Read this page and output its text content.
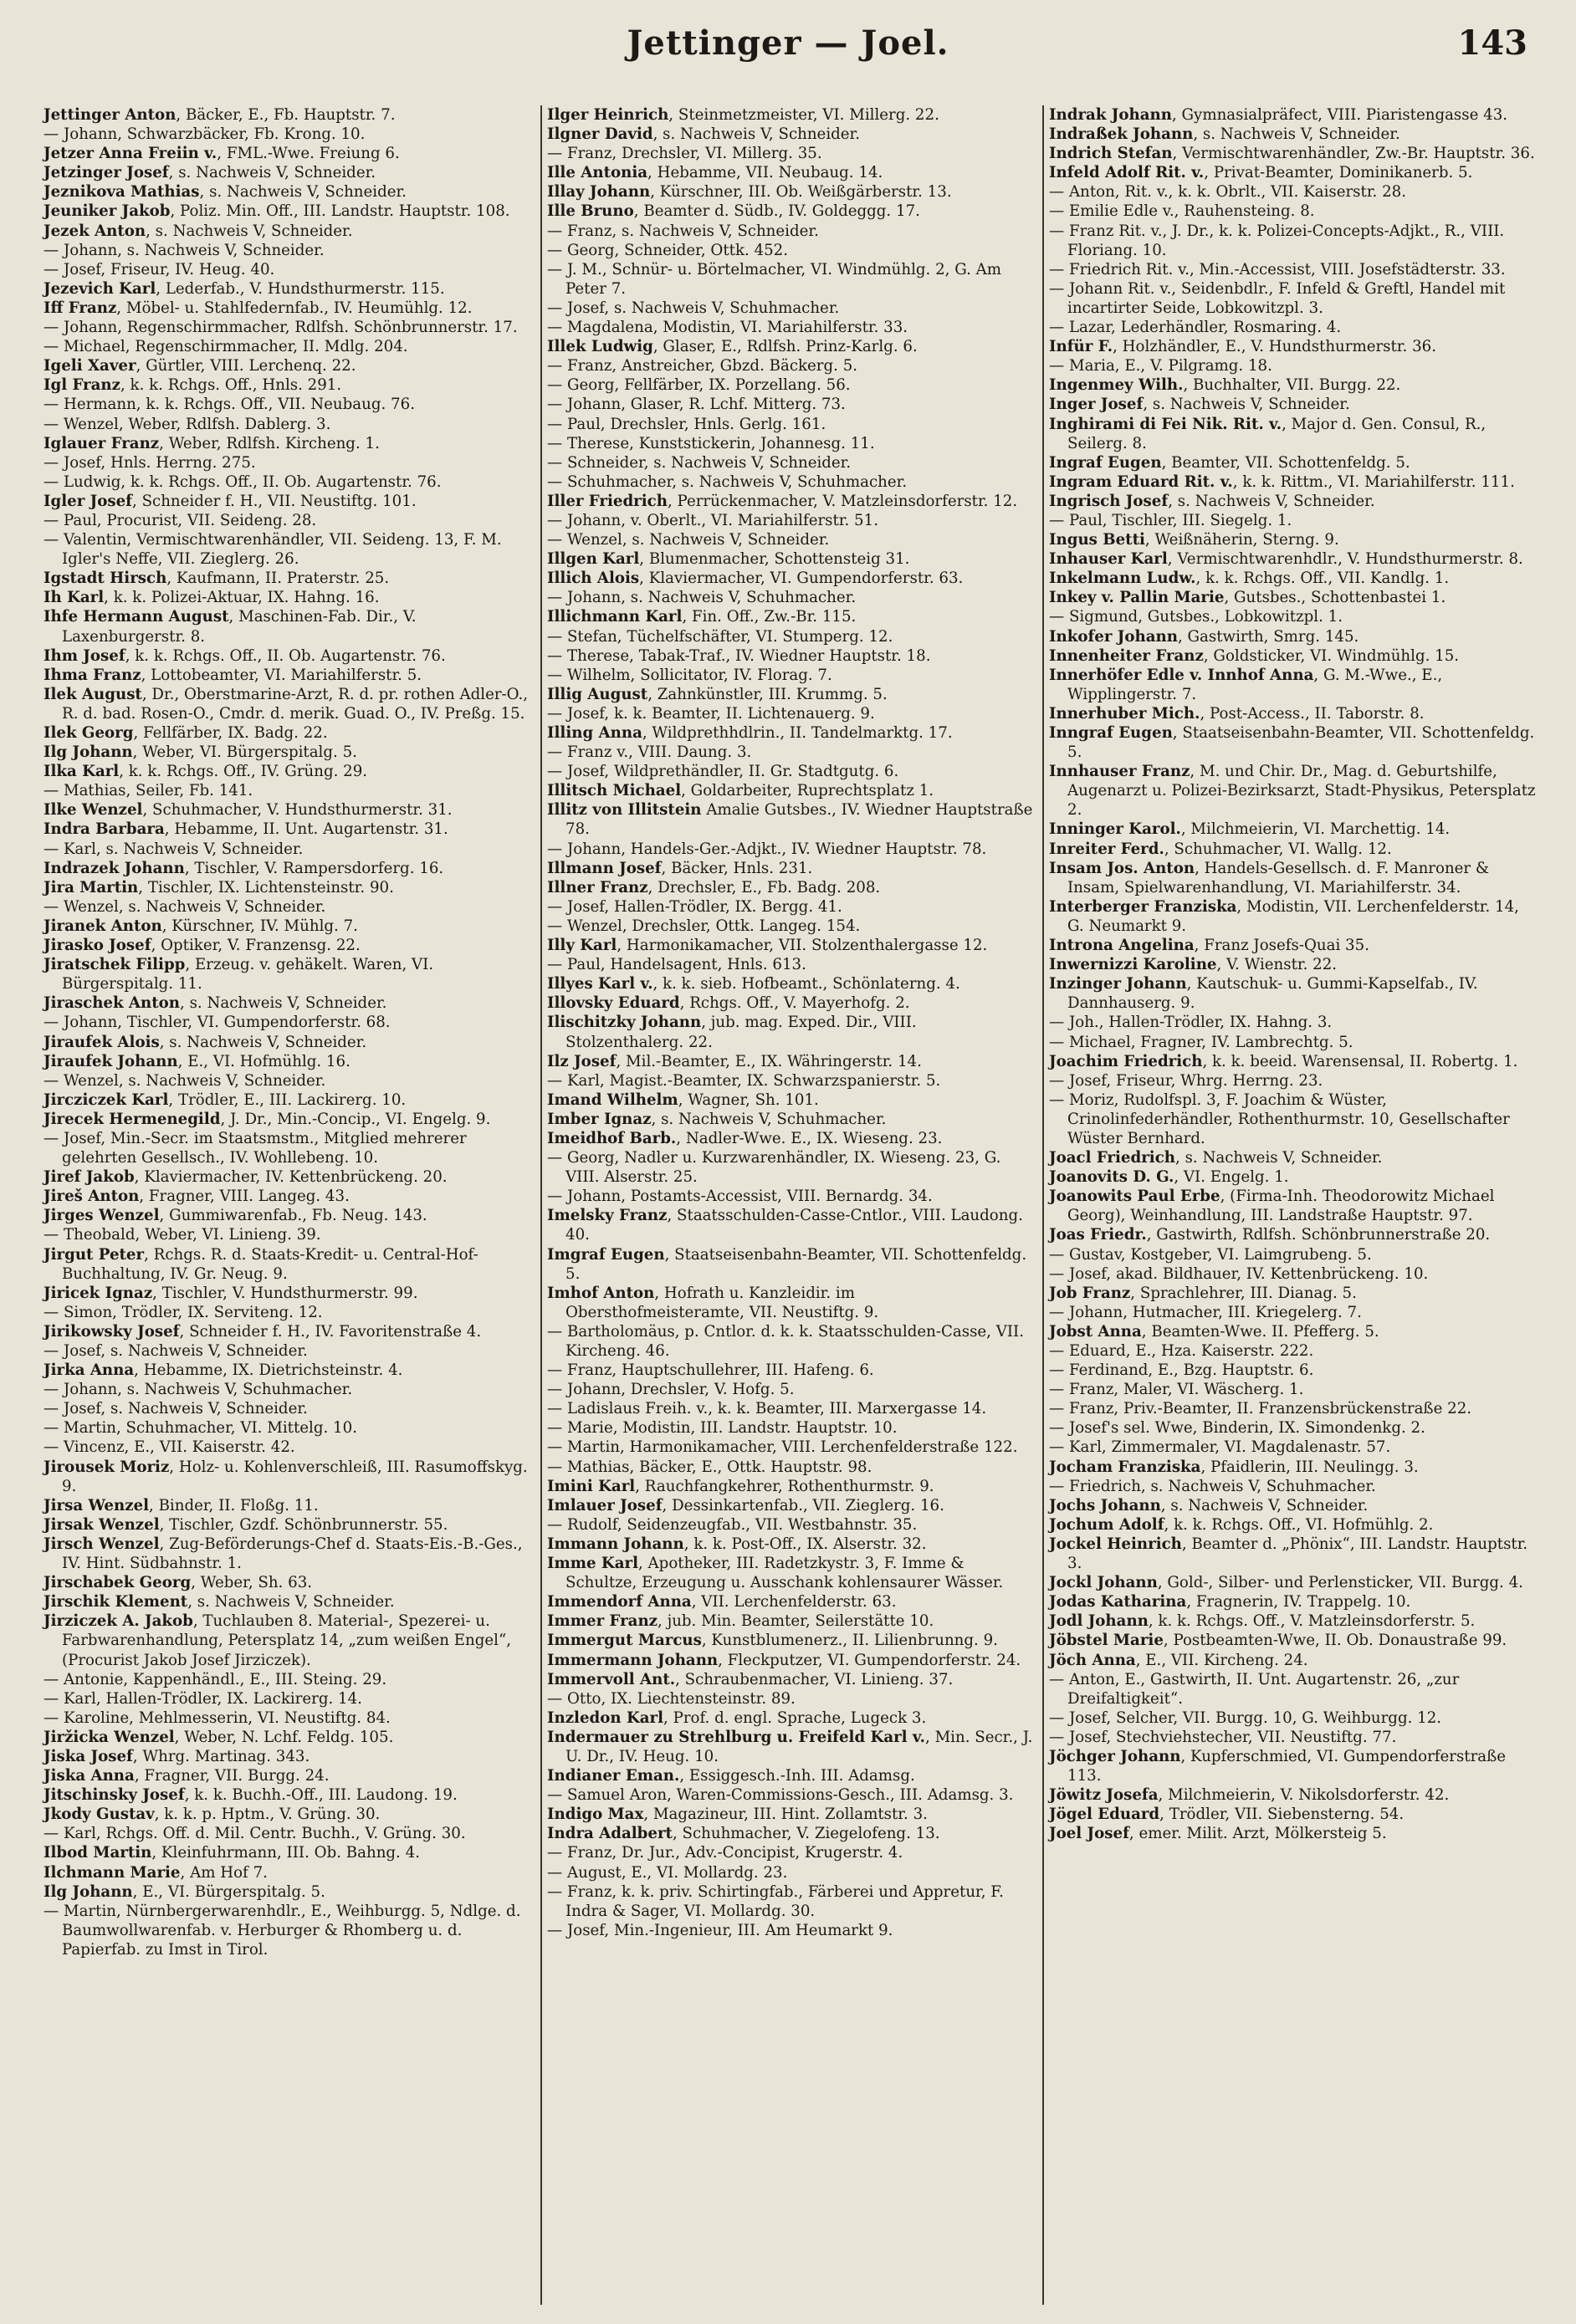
Jettinger — Joel.	143
Jettinger Anton, Bäcker, E., Fb. Hauptstr. 7.
— Johann, Schwarzbäcker, Fb. Krong. 10.
Jetzer Anna Freiin v., FML.-Wwe. Freiung 6.
Jetzinger Josef, s. Nachweis V, Schneider.
Jeznikova Mathias, s. Nachweis V, Schneider.
Jeuniker Jakob, Poliz. Min. Off., III. Landstr. Hauptstr. 108.
Jezek Anton, s. Nachweis V, Schneider.
— Johann, s. Nachweis V, Schneider.
— Josef, Friseur, IV. Heug. 40.
Jezevich Karl, Lederfab., V. Hundsthurmerstr. 115.
Iff Franz, Möbel- u. Stahlfedernfab., IV. Heumühlg. 12.
— Johann, Regenschirmmacher, Rdlfsh. Schönbrunnerstr. 17.
— Michael, Regenschirmmacher, II. Mdlg. 204.
Igeli Xaver, Gürtler, VIII. Lerchenq. 22.
Igl Franz, k. k. Rchgs. Off., Hnls. 291.
— Hermann, k. k. Rchgs. Off., VII. Neubaug. 76.
— Wenzel, Weber, Rdlfsh. Dablerg. 3.
Iglauer Franz, Weber, Rdlfsh. Kircheng. 1.
— Josef, Hnls. Herrng. 275.
— Ludwig, k. k. Rchgs. Off., II. Ob. Augartenstr. 76.
Igler Josef, Schneider f. H., VII. Neustiftg. 101.
— Paul, Procurist, VII. Seideng. 28.
— Valentin, Vermischtwarenhändler, VII. Seideng. 13, F. M. Igler's Neffe, VII. Zieglerg. 26.
Igstadt Hirsch, Kaufmann, II. Praterstr. 25.
Ih Karl, k. k. Polizei-Aktuar, IX. Hahng. 16.
Ihfe Hermann August, Maschinen-Fab. Dir., V. Laxenburgerstr. 8.
Ihm Josef, k. k. Rchgs. Off., II. Ob. Augartenstr. 76.
Ihma Franz, Lottobeamter, VI. Mariahilferstr. 5.
Ilek August, Dr., Oberstmarine-Arzt, R. d. pr. rothen Adler-O., R. d. bad. Rosen-O., Cmdr. d. merik. Guad. O., IV. Preßg. 15.
Ilek Georg, Fellfärber, IX. Badg. 22.
Ilg Johann, Weber, VI. Bürgerspitalg. 5.
Ilka Karl, k. k. Rchgs. Off., IV. Grüng. 29.
— Mathias, Seiler, Fb. 141.
Ilke Wenzel, Schuhmacher, V. Hundsthurmerstr. 31.
Indra Barbara, Hebamme, II. Unt. Augartenstr. 31.
— Karl, s. Nachweis V, Schneider.
Indrazek Johann, Tischler, V. Rampersdorferg. 16.
Jira Martin, Tischler, IX. Lichtensteinstr. 90.
— Wenzel, s. Nachweis V, Schneider.
Jiranek Anton, Kürschner, IV. Mühlg. 7.
Jirasko Josef, Optiker, V. Franzensg. 22.
Jiratschek Filipp, Erzeug. v. gehäkelt. Waren, VI. Bürgerspitalg. 11.
Jiraschek Anton, s. Nachweis V, Schneider.
— Johann, Tischler, VI. Gumpendorferstr. 68.
Jiraufek Alois, s. Nachweis V, Schneider.
Jiraufek Johann, E., VI. Hofmühlg. 16.
— Wenzel, s. Nachweis V, Schneider.
Jircziczek Karl, Trödler, E., III. Lackirerg. 10.
Jirecek Hermenegild, J. Dr., Min.-Concip., VI. Engelg. 9.
— Josef, Min.-Secr. im Staatsmstm., Mitglied mehrerer gelehrten Gesellsch., IV. Wohllebeng. 10.
Jiref Jakob, Klaviermacher, IV. Kettenbrückeng. 20.
Jireš Anton, Fragner, VIII. Langeg. 43.
Jirges Wenzel, Gummiwarenfab., Fb. Neug. 143.
— Theobald, Weber, VI. Linieng. 39.
Jirgut Peter, Rchgs. R. d. Staats-Kredit- u. Central-Hof-Buchhaltung, IV. Gr. Neug. 9.
Jiricek Ignaz, Tischler, V. Hundsthurmerstr. 99.
— Simon, Trödler, IX. Serviteng. 12.
Jirikowsky Josef, Schneider f. H., IV. Favoritenstraße 4.
— Josef, s. Nachweis V, Schneider.
Jirka Anna, Hebamme, IX. Dietrichsteinstr. 4.
— Johann, s. Nachweis V, Schuhmacher.
— Josef, s. Nachweis V, Schneider.
— Martin, Schuhmacher, VI. Mittelg. 10.
— Vincenz, E., VII. Kaiserstr. 42.
Jirousek Moriz, Holz- u. Kohlenverschleiß, III. Rasumoffskyg. 9.
Jirsa Wenzel, Binder, II. Floßg. 11.
Jirsak Wenzel, Tischler, Gzdf. Schönbrunnerstr. 55.
Jirsch Wenzel, Zug-Beförderungs-Chef d. Staats-Eis.-B.-Ges., IV. Hint. Südbahnstr. 1.
Jirschabek Georg, Weber, Sh. 63.
Jirschik Klement, s. Nachweis V, Schneider.
Jirziczek A. Jakob, Tuchlauben 8. Material-, Spezerei- u. Farbwarenhandlung, Petersplatz 14, „zum weißen Engel“, (Procurist Jakob Josef Jirziczek).
— Antonie, Kappenhändl., E., III. Steing. 29.
— Karl, Hallen-Trödler, IX. Lackirerg. 14.
— Karoline, Mehlmesserin, VI. Neustiftg. 84.
Jiržicka Wenzel, Weber, N. Lchf. Feldg. 105.
Jiska Josef, Whrg. Martinag. 343.
Jiska Anna, Fragner, VII. Burgg. 24.
Jitschinsky Josef, k. k. Buchh.-Off., III. Laudong. 19.
Jkody Gustav, k. k. p. Hptm., V. Grüng. 30.
— Karl, Rchgs. Off. d. Mil. Centr. Buchh., V. Grüng. 30.
Ilbod Martin, Kleinfuhrmann, III. Ob. Bahng. 4.
Ilchmann Marie, Am Hof 7.
Ilg Johann, E., VI. Bürgerspitalg. 5.
— Martin, Nürnbergerwarenhdlr., E., Weihburgg. 5, Ndlge. d. Baumwollwarenfab. v. Herburger & Rhomberg u. d. Papierfab. zu Imst in Tirol.
Ilger Heinrich, Steinmetzmeister, VI. Millerg. 22.
Ilgner David, s. Nachweis V, Schneider.
— Franz, Drechsler, VI. Millerg. 35.
Ille Antonia, Hebamme, VII. Neubaug. 14.
Illay Johann, Kürschner, III. Ob. Weißgärberstr. 13.
Ille Bruno, Beamter d. Südb., IV. Goldeggg. 17.
— Franz, s. Nachweis V, Schneider.
— Georg, Schneider, Ottk. 452.
— J. M., Schnür- u. Börtelmacher, VI. Windmühlg. 2, G. Am Peter 7.
— Josef, s. Nachweis V, Schuhmacher.
— Magdalena, Modistin, VI. Mariahilferstr. 33.
Illek Ludwig, Glaser, E., Rdlfsh. Prinz-Karlg. 6.
— Franz, Anstreicher, Gbzd. Bäckerg. 5.
— Georg, Fellfärber, IX. Porzellang. 56.
— Johann, Glaser, R. Lchf. Mitterg. 73.
— Paul, Drechsler, Hnls. Gerlg. 161.
— Therese, Kunststickerin, Johannesg. 11.
— Schneider, s. Nachweis V, Schneider.
— Schuhmacher, s. Nachweis V, Schuhmacher.
Iller Friedrich, Perrückenmacher, V. Matzleinsdorferstr. 12.
— Johann, v. Oberlt., VI. Mariahilferstr. 51.
— Wenzel, s. Nachweis V, Schneider.
Illgen Karl, Blumenmacher, Schottensteig 31.
Illich Alois, Klaviermacher, VI. Gumpendorferstr. 63.
— Johann, s. Nachweis V, Schuhmacher.
Illichmann Karl, Fin. Off., Zw.-Br. 115.
— Stefan, Tüchelfschäfter, VI. Stumperg. 12.
— Therese, Tabak-Traf., IV. Wiedner Hauptstr. 18.
— Wilhelm, Sollicitator, IV. Florag. 7.
Illig August, Zahnkünstler, III. Krummg. 5.
— Josef, k. k. Beamter, II. Lichtenauerg. 9.
Illing Anna, Wildprethhdlrin., II. Tandelmarktg. 17.
— Franz v., VIII. Daung. 3.
— Josef, Wildprethändler, II. Gr. Stadtgutg. 6.
Illitsch Michael, Goldarbeiter, Ruprechtsplatz 1.
Illitz von Illitstein Amalie Gutsbes., IV. Wiedner Hauptstraße 78.
— Johann, Handels-Ger.-Adjkt., IV. Wiedner Hauptstr. 78.
Illmann Josef, Bäcker, Hnls. 231.
Illner Franz, Drechsler, E., Fb. Badg. 208.
— Josef, Hallen-Trödler, IX. Bergg. 41.
— Wenzel, Drechsler, Ottk. Langeg. 154.
Illy Karl, Harmonikamacher, VII. Stolzenthalergasse 12.
— Paul, Handelsagent, Hnls. 613.
Illyes Karl v., k. k. sieb. Hofbeamt., Schönlaterng. 4.
Illovsky Eduard, Rchgs. Off., V. Mayerhofg. 2.
Ilischitzky Johann, jub. mag. Exped. Dir., VIII. Stolzenthalerg. 22.
Ilz Josef, Mil.-Beamter, E., IX. Währingerstr. 14.
— Karl, Magist.-Beamter, IX. Schwarzspanierstr. 5.
Imand Wilhelm, Wagner, Sh. 101.
Imber Ignaz, s. Nachweis V, Schuhmacher.
Imeidhof Barb., Nadler-Wwe. E., IX. Wieseng. 23.
— Georg, Nadler u. Kurzwarenhändler, IX. Wieseng. 23, G. VIII. Alserstr. 25.
— Johann, Postamts-Accessist, VIII. Bernardg. 34.
Imelsky Franz, Staatsschulden-Casse-Cntlor., VIII. Laudong. 40.
Imgraf Eugen, Staatseisenbahn-Beamter, VII. Schottenfeldg. 5.
Imhof Anton, Hofrath u. Kanzleidir. im Obersthofmeisteramte, VII. Neustiftg. 9.
— Bartholomäus, p. Cntlor. d. k. k. Staatsschulden-Casse, VII. Kircheng. 46.
— Franz, Hauptschullehrer, III. Hafeng. 6.
— Johann, Drechsler, V. Hofg. 5.
— Ladislaus Freih. v., k. k. Beamter, III. Marxergasse 14.
— Marie, Modistin, III. Landstr. Hauptstr. 10.
— Martin, Harmonikamacher, VIII. Lerchenfelderstraße 122.
— Mathias, Bäcker, E., Ottk. Hauptstr. 98.
Imini Karl, Rauchfangkehrer, Rothenthurmstr. 9.
Imlauer Josef, Dessinkartenfab., VII. Zieglerg. 16.
— Rudolf, Seidenzeugfab., VII. Westbahnstr. 35.
Immann Johann, k. k. Post-Off., IX. Alserstr. 32.
Imme Karl, Apotheker, III. Radetzkystr. 3, F. Imme & Schultze, Erzeugung u. Ausschank kohlensaurer Wässer.
Immendorf Anna, VII. Lerchenfelderstr. 63.
Immer Franz, jub. Min. Beamter, Seilerstätte 10.
Immergut Marcus, Kunstblumenerz., II. Lilienbrunng. 9.
Immermann Johann, Fleckputzer, VI. Gumpendorferstr. 24.
Immervoll Ant., Schraubenmacher, VI. Linieng. 37.
— Otto, IX. Liechtensteinstr. 89.
Inzledon Karl, Prof. d. engl. Sprache, Lugeck 3.
Indermauer zu Strehlburg u. Freifeld Karl v., Min. Secr., J. U. Dr., IV. Heug. 10.
Indianer Eman., Essiggesch.-Inh. III. Adamsg.
— Samuel Aron, Waren-Commissions-Gesch., III. Adamsg. 3.
Indigo Max, Magazineur, III. Hint. Zollamtstr. 3.
Indra Adalbert, Schuhmacher, V. Ziegelofeng. 13.
— Franz, Dr. Jur., Adv.-Concipist, Krugerstr. 4.
— August, E., VI. Mollardg. 23.
— Franz, k. k. priv. Schirtingfab., Färberei und Appretur, F. Indra & Sager, VI. Mollardg. 30.
— Josef, Min.-Ingenieur, III. Am Heumarkt 9.
Indrak Johann, Gymnasialpräfect, VIII. Piaristengasse 43.
Indraßek Johann, s. Nachweis V, Schneider.
Indrich Stefan, Vermischtwarenhändler, Zw.-Br. Hauptstr. 36.
Infeld Adolf Rit. v., Privat-Beamter, Dominikanerb. 5.
— Anton, Rit. v., k. k. Obrlt., VII. Kaiserstr. 28.
— Emilie Edle v., Rauhensteing. 8.
— Franz Rit. v., J. Dr., k. k. Polizei-Concepts-Adjkt., R., VIII. Floriang. 10.
— Friedrich Rit. v., Min.-Accessist, VIII. Josefstädterstr. 33.
— Johann Rit. v., Seidenbdlr., F. Infeld & Greftl, Handel mit incartirter Seide, Lobkowitzpl. 3.
— Lazar, Lederhändler, Rosmaring. 4.
Infür F., Holzhändler, E., V. Hundsthurmerstr. 36.
— Maria, E., V. Pilgramg. 18.
Ingenmey Wilh., Buchhalter, VII. Burgg. 22.
Inger Josef, s. Nachweis V, Schneider.
Inghirami di Fei Nik. Rit. v., Major d. Gen. Consul, R., Seilerg. 8.
Ingraf Eugen, Beamter, VII. Schottenfeldg. 5.
Ingram Eduard Rit. v., k. k. Rittm., VI. Mariahilferstr. 111.
Ingrisch Josef, s. Nachweis V, Schneider.
— Paul, Tischler, III. Siegelg. 1.
Ingus Betti, Weißnäherin, Sterng. 9.
Inhauser Karl, Vermischtwarenhdlr., V. Hundsthurmerstr. 8.
Inkelmann Ludw., k. k. Rchgs. Off., VII. Kandlg. 1.
Inkey v. Pallin Marie, Gutsbes., Schottenbastei 1.
— Sigmund, Gutsbes., Lobkowitzpl. 1.
Inkofer Johann, Gastwirth, Smrg. 145.
Innenheiter Franz, Goldsticker, VI. Windmühlg. 15.
Innerhöfer Edle v. Innhof Anna, G. M.-Wwe., E., Wipplingerstr. 7.
Innerhuber Mich., Post-Access., II. Taborstr. 8.
Inngraf Eugen, Staatseisenbahn-Beamter, VII. Schottenfeldg. 5.
Innhauser Franz, M. und Chir. Dr., Mag. d. Geburtshilfe, Augenarzt u. Polizei-Bezirksarzt, Stadt-Physikus, Petersplatz 2.
Inninger Karol., Milchmeierin, VI. Marchettig. 14.
Inreiter Ferd., Schuhmacher, VI. Wallg. 12.
Insam Jos. Anton, Handels-Gesellsch. d. F. Manroner & Insam, Spielwarenhandlung, VI. Mariahilferstr. 34.
Interberger Franziska, Modistin, VII. Lerchenfelderstr. 14, G. Neumarkt 9.
Introna Angelina, Franz Josefs-Quai 35.
Inwernizzi Karoline, V. Wienstr. 22.
Inzinger Johann, Kautschuk- u. Gummi-Kapselfab., IV. Dannhauserg. 9.
— Joh., Hallen-Trödler, IX. Hahng. 3.
— Michael, Fragner, IV. Lambrechtg. 5.
Joachim Friedrich, k. k. beeid. Warensensal, II. Robertg. 1.
— Josef, Friseur, Whrg. Herrng. 23.
— Moriz, Rudolfspl. 3, F. Joachim & Wüster, Crinolinfederhändler, Rothenthurmstr. 10, Gesellschafter Wüster Bernhard.
Joacl Friedrich, s. Nachweis V, Schneider.
Joanovits D. G., VI. Engelg. 1.
Joanowits Paul Erbe, (Firma-Inh. Theodorowitz Michael Georg), Weinhandlung, III. Landstraße Hauptstr. 97.
Joas Friedr., Gastwirth, Rdlfsh. Schönbrunnerstraße 20.
— Gustav, Kostgeber, VI. Laimgrubeng. 5.
— Josef, akad. Bildhauer, IV. Kettenbrückeng. 10.
Job Franz, Sprachlehrer, III. Dianag. 5.
— Johann, Hutmacher, III. Kriegelerg. 7.
Jobst Anna, Beamten-Wwe. II. Pfefferg. 5.
— Eduard, E., Hza. Kaiserstr. 222.
— Ferdinand, E., Bzg. Hauptstr. 6.
— Franz, Maler, VI. Wäscherg. 1.
— Franz, Priv.-Beamter, II. Franzensbrückenstraße 22.
— Josef's sel. Wwe, Binderin, IX. Simondenkg. 2.
— Karl, Zimmermaler, VI. Magdalenastr. 57.
Jocham Franziska, Pfaidlerin, III. Neulingg. 3.
— Friedrich, s. Nachweis V, Schuhmacher.
Jochs Johann, s. Nachweis V, Schneider.
Jochum Adolf, k. k. Rchgs. Off., VI. Hofmühlg. 2.
Jockel Heinrich, Beamter d. „Phönix“, III. Landstr. Hauptstr. 3.
Jockl Johann, Gold-, Silber- und Perlensticker, VII. Burgg. 4.
Jodas Katharina, Fragnerin, IV. Trappelg. 10.
Jodl Johann, k. k. Rchgs. Off., V. Matzleinsdorferstr. 5.
Jöbstel Marie, Postbeamten-Wwe, II. Ob. Donaustraße 99.
Jöch Anna, E., VII. Kircheng. 24.
— Anton, E., Gastwirth, II. Unt. Augartenstr. 26, „zur Dreifaltigkeit“.
— Josef, Selcher, VII. Burgg. 10, G. Weihburgg. 12.
— Josef, Stechviehstecher, VII. Neustiftg. 77.
Jöchger Johann, Kupferschmied, VI. Gumpendorferstraße 113.
Jöwitz Josefa, Milchmeierin, V. Nikolsdorferstr. 42.
Jögel Eduard, Trödler, VII. Siebensterng. 54.
Joel Josef, emer. Milit. Arzt, Mölkersteig 5.
